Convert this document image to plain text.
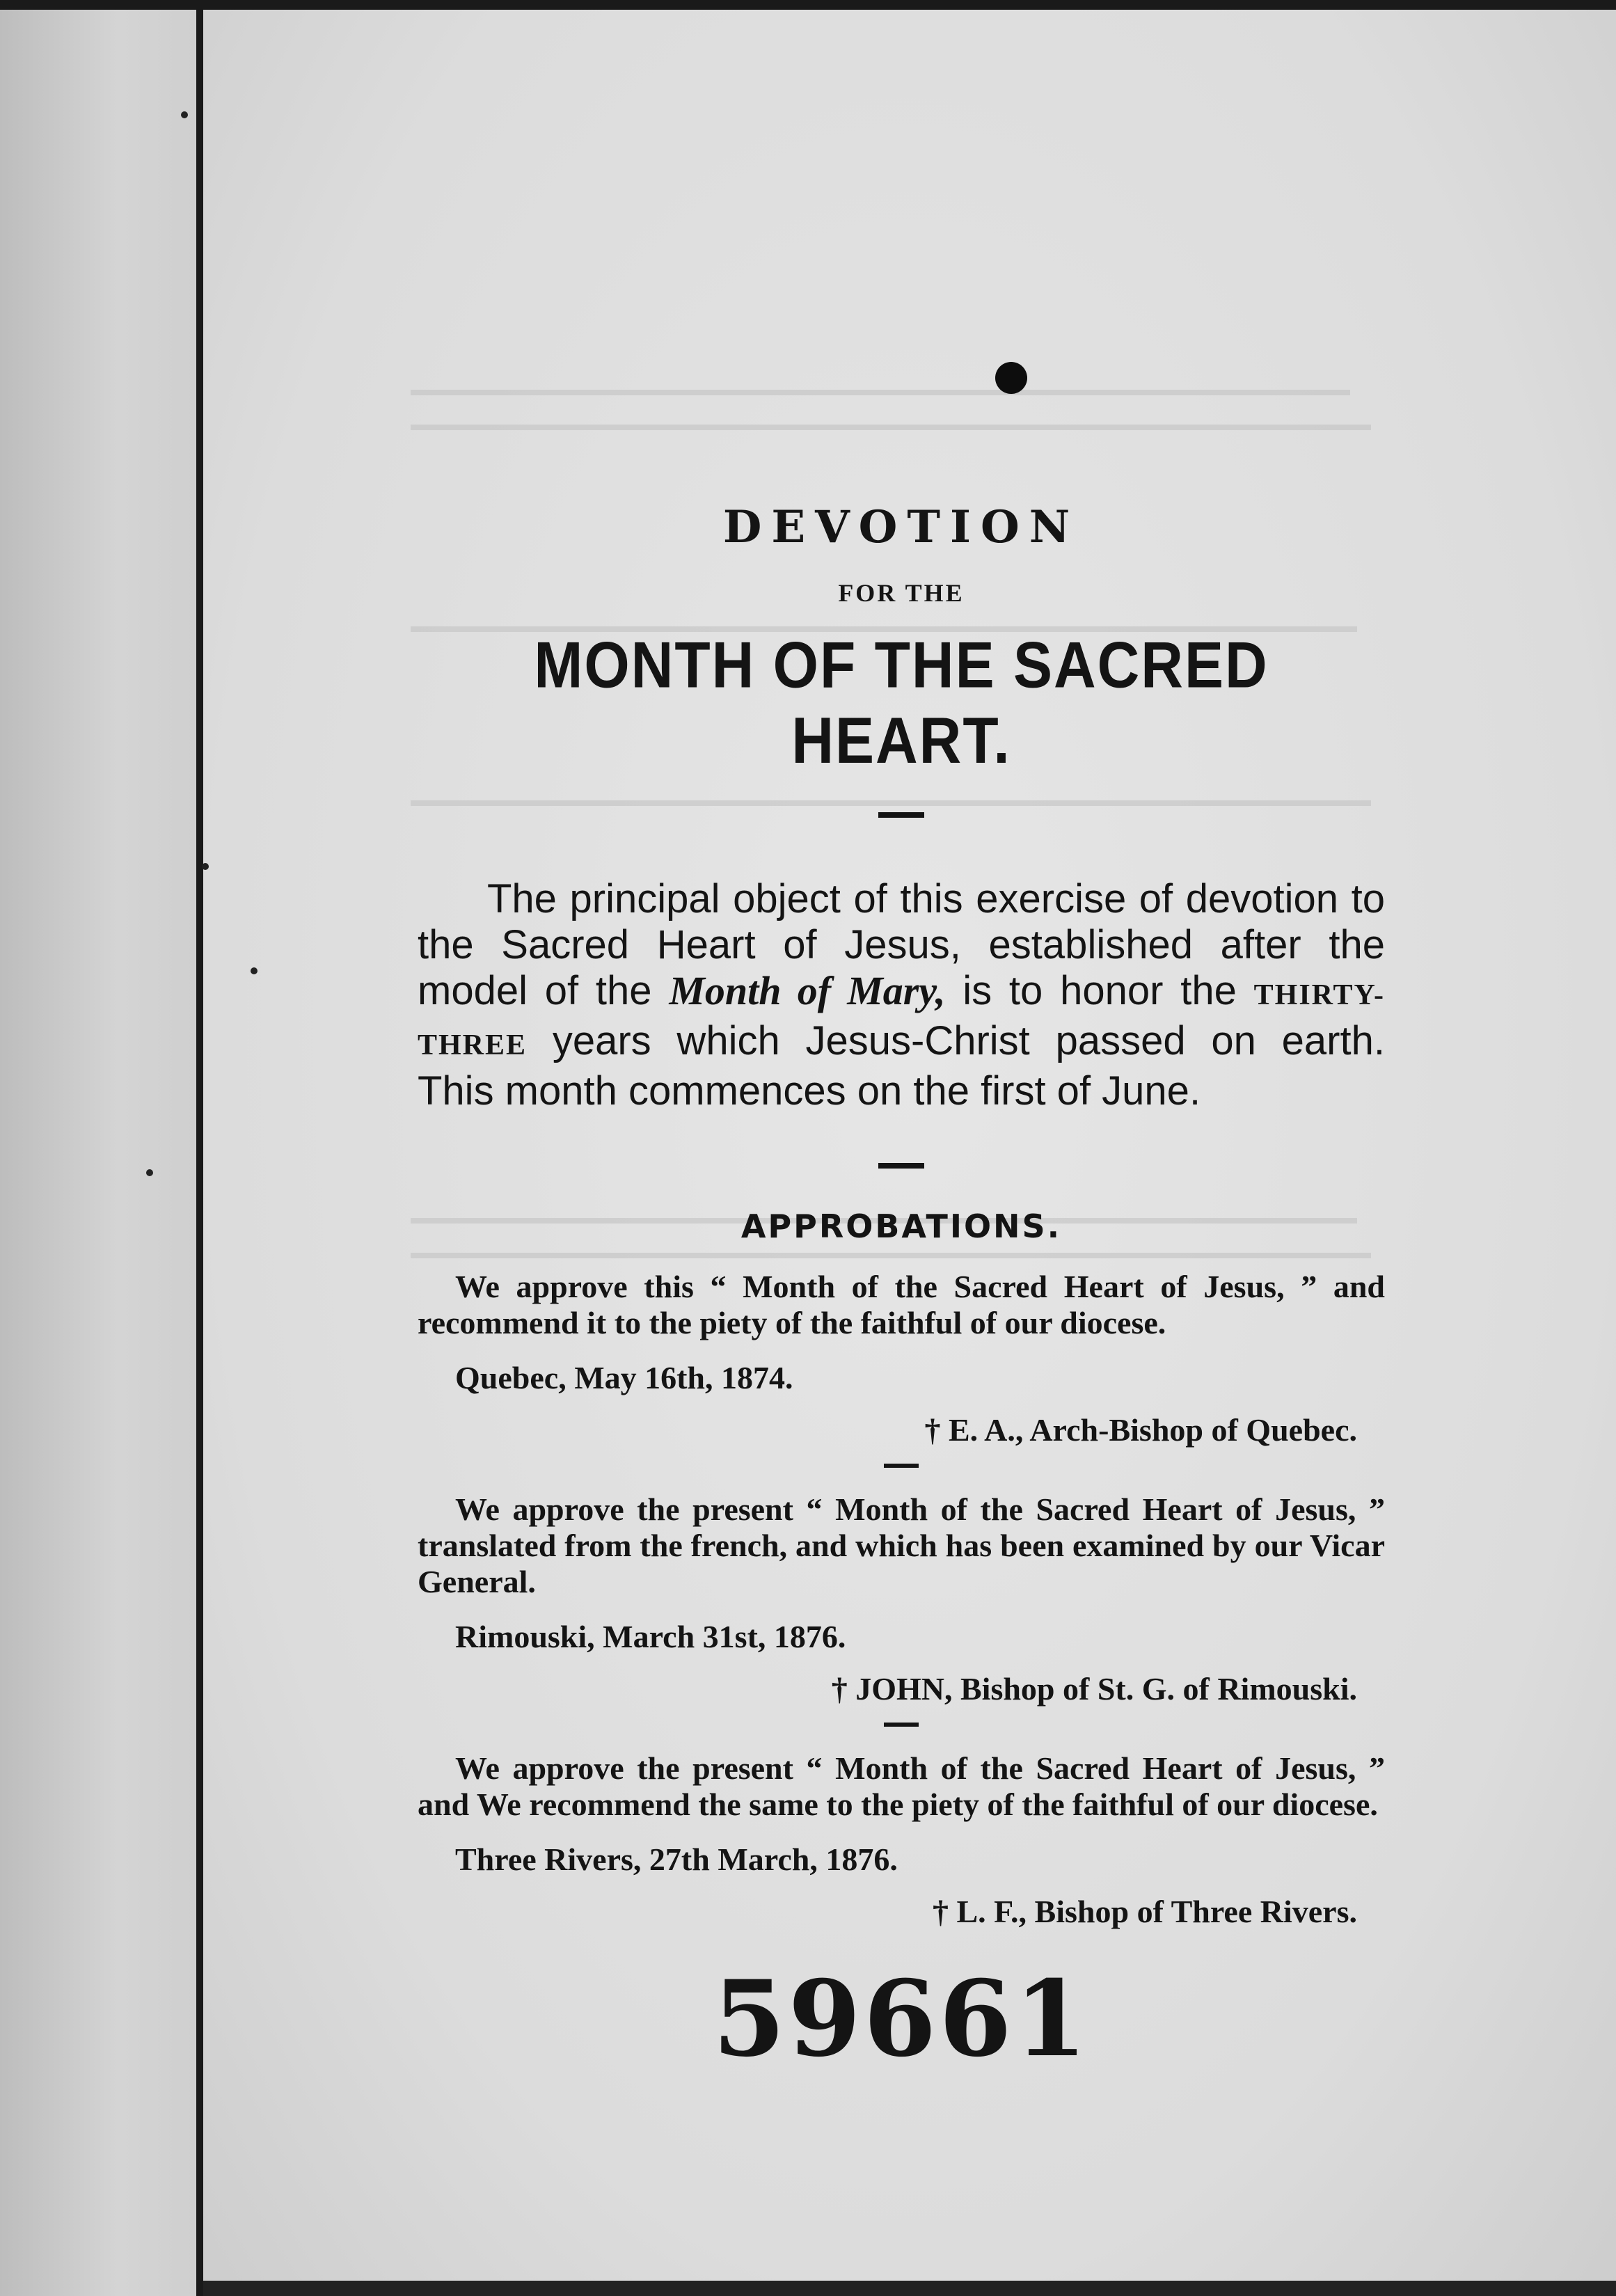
DEVOTION
FOR THE
MONTH OF THE SACRED HEART.

The principal object of this exercise of devotion to the Sacred Heart of Jesus, established after the model of the Month of Mary, is to honor the THIRTY-THREE years which Jesus-Christ passed on earth. This month commences on the first of June.

APPROBATIONS.
We approve this “ Month of the Sacred Heart of Jesus, ” and recommend it to the piety of the faithful of our diocese.
Quebec, May 16th, 1874.
† E. A., Arch-Bishop of Quebec.
We approve the present “ Month of the Sacred Heart of Jesus, ” translated from the french, and which has been examined by our Vicar General.
Rimouski, March 31st, 1876.
† JOHN, Bishop of St. G. of Rimouski.
We approve the present “ Month of the Sacred Heart of Jesus, ” and We recommend the same to the piety of the faithful of our diocese.
Three Rivers, 27th March, 1876.
† L. F., Bishop of Three Rivers.
59661
